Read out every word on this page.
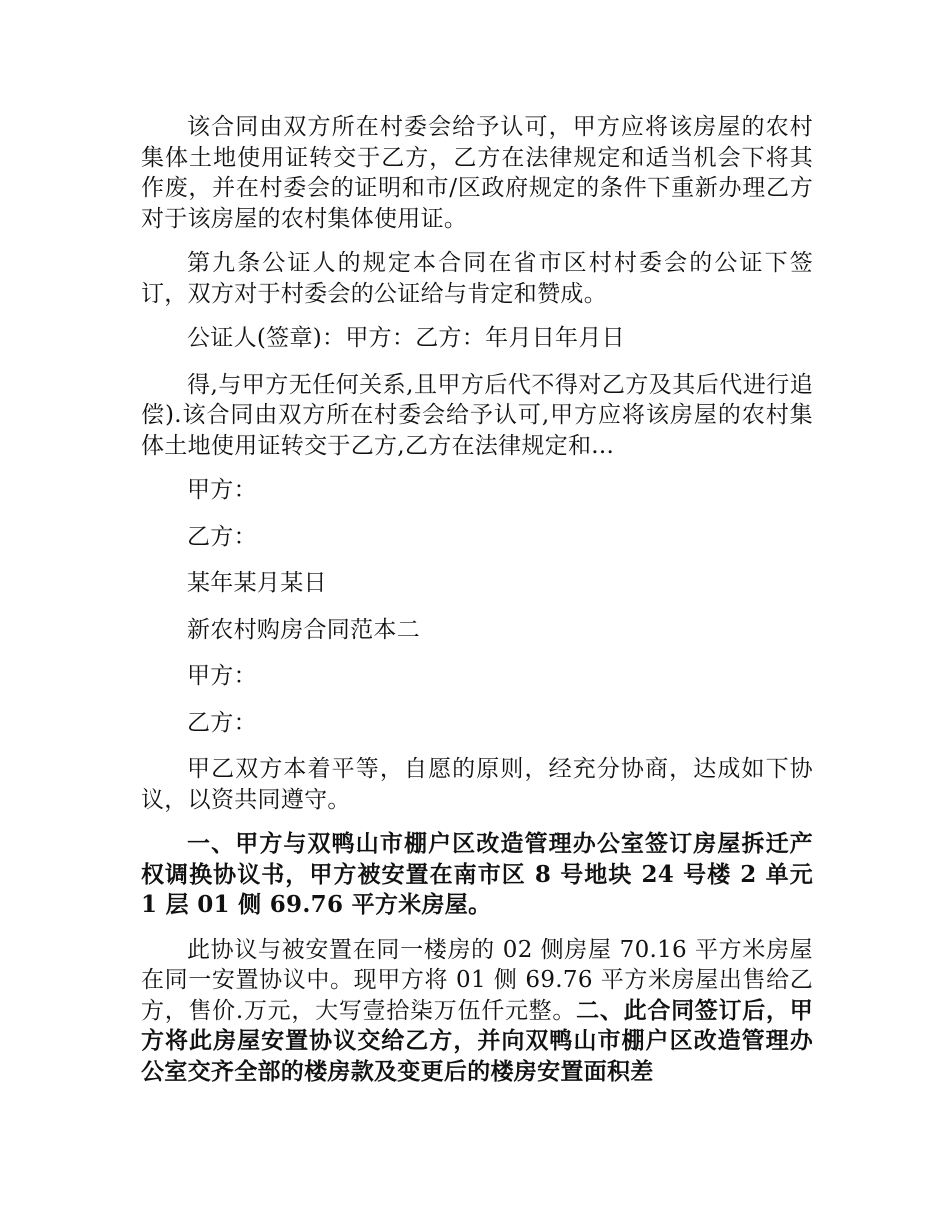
该合同由双方所在村委会给予认可，甲方应将该房屋的农村集体土地使用证转交于乙方，乙方在法律规定和适当机会下将其作废，并在村委会的证明和市/区政府规定的条件下重新办理乙方对于该房屋的农村集体使用证。

第九条公证人的规定本合同在省市区村村委会的公证下签订，双方对于村委会的公证给与肯定和赞成。

公证人(签章)：甲方：乙方：年月日年月日

得,与甲方无任何关系,且甲方后代不得对乙方及其后代进行追偿).该合同由双方所在村委会给予认可,甲方应将该房屋的农村集体土地使用证转交于乙方,乙方在法律规定和...

甲方：

乙方：

某年某月某日

新农村购房合同范本二

甲方：

乙方：

甲乙双方本着平等，自愿的原则，经充分协商，达成如下协议，以资共同遵守。

一、甲方与双鸭山市棚户区改造管理办公室签订房屋拆迁产权调换协议书，甲方被安置在南市区 8 号地块 24 号楼 2 单元 1 层 01 侧 69.76 平方米房屋。

此协议与被安置在同一楼房的 02 侧房屋 70.16 平方米房屋在同一安置协议中。现甲方将 01 侧 69.76 平方米房屋出售给乙方，售价.万元，大写壹拾柒万伍仟元整。二、此合同签订后，甲方将此房屋安置协议交给乙方，并向双鸭山市棚户区改造管理办公室交齐全部的楼房款及变更后的楼房安置面积差
